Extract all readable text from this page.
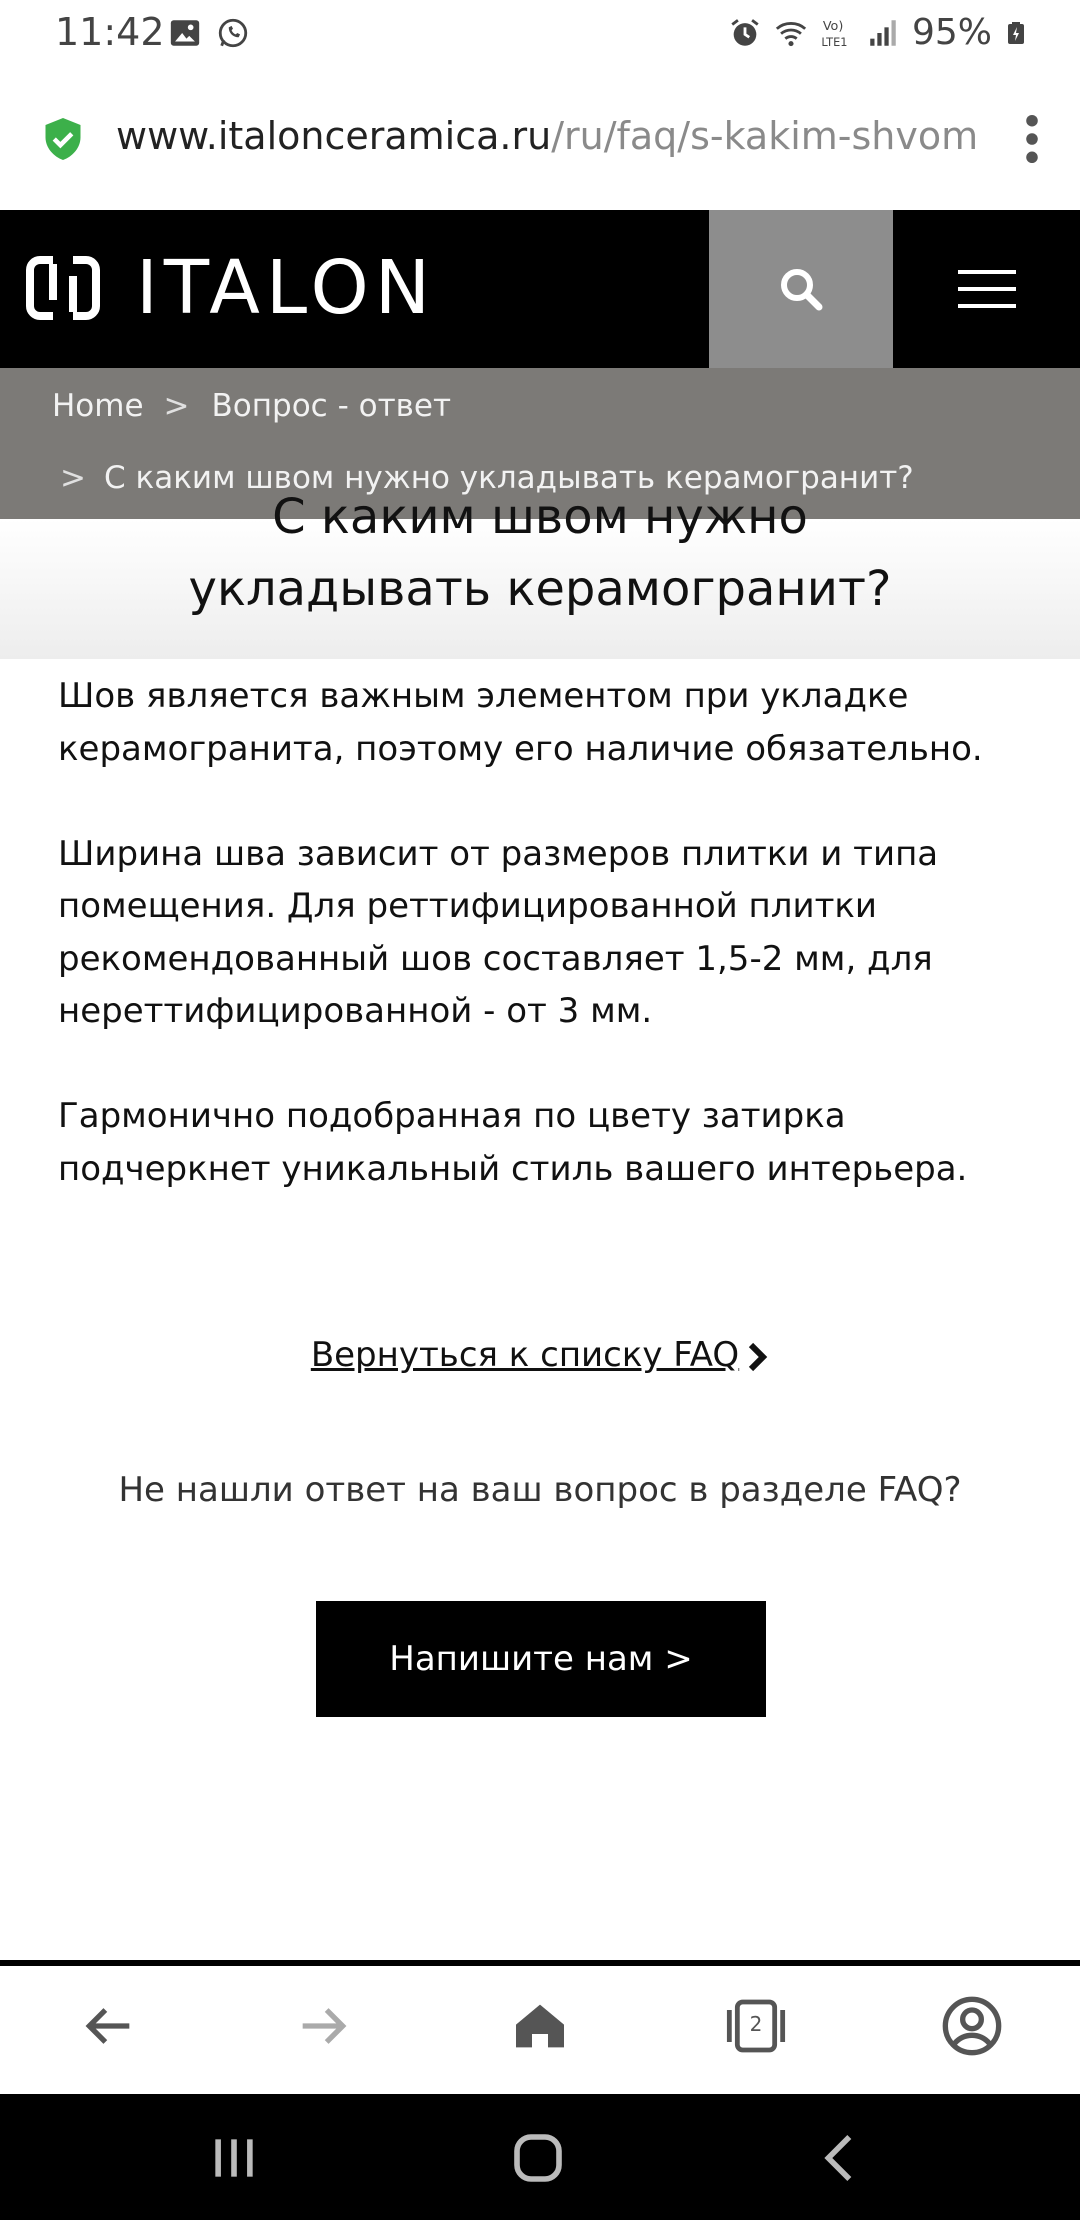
11:42	Vo)
LTE1 95%
www.italonceramica.ru/ru/faq/s-kakim-shvom
ITALON
Home > Вопрос - ответ
> С каким швом нужно укладывать керамогранит?
С каким швом нужно укладывать керамогранит?

Шов является важным элементом при укладке керамогранита, поэтому его наличие обязательно.

Ширина шва зависит от размеров плитки и типа помещения. Для реттифицированной плитки рекомендованный шов составляет 1,5-2 мм, для нереттифицированной - от 3 мм.

Гармонично подобранная по цвету затирка подчеркнет уникальный стиль вашего интерьера.

Вернуться к списку FAQ
Не нашли ответ на ваш вопрос в разделе FAQ?
Напишите нам >
2
